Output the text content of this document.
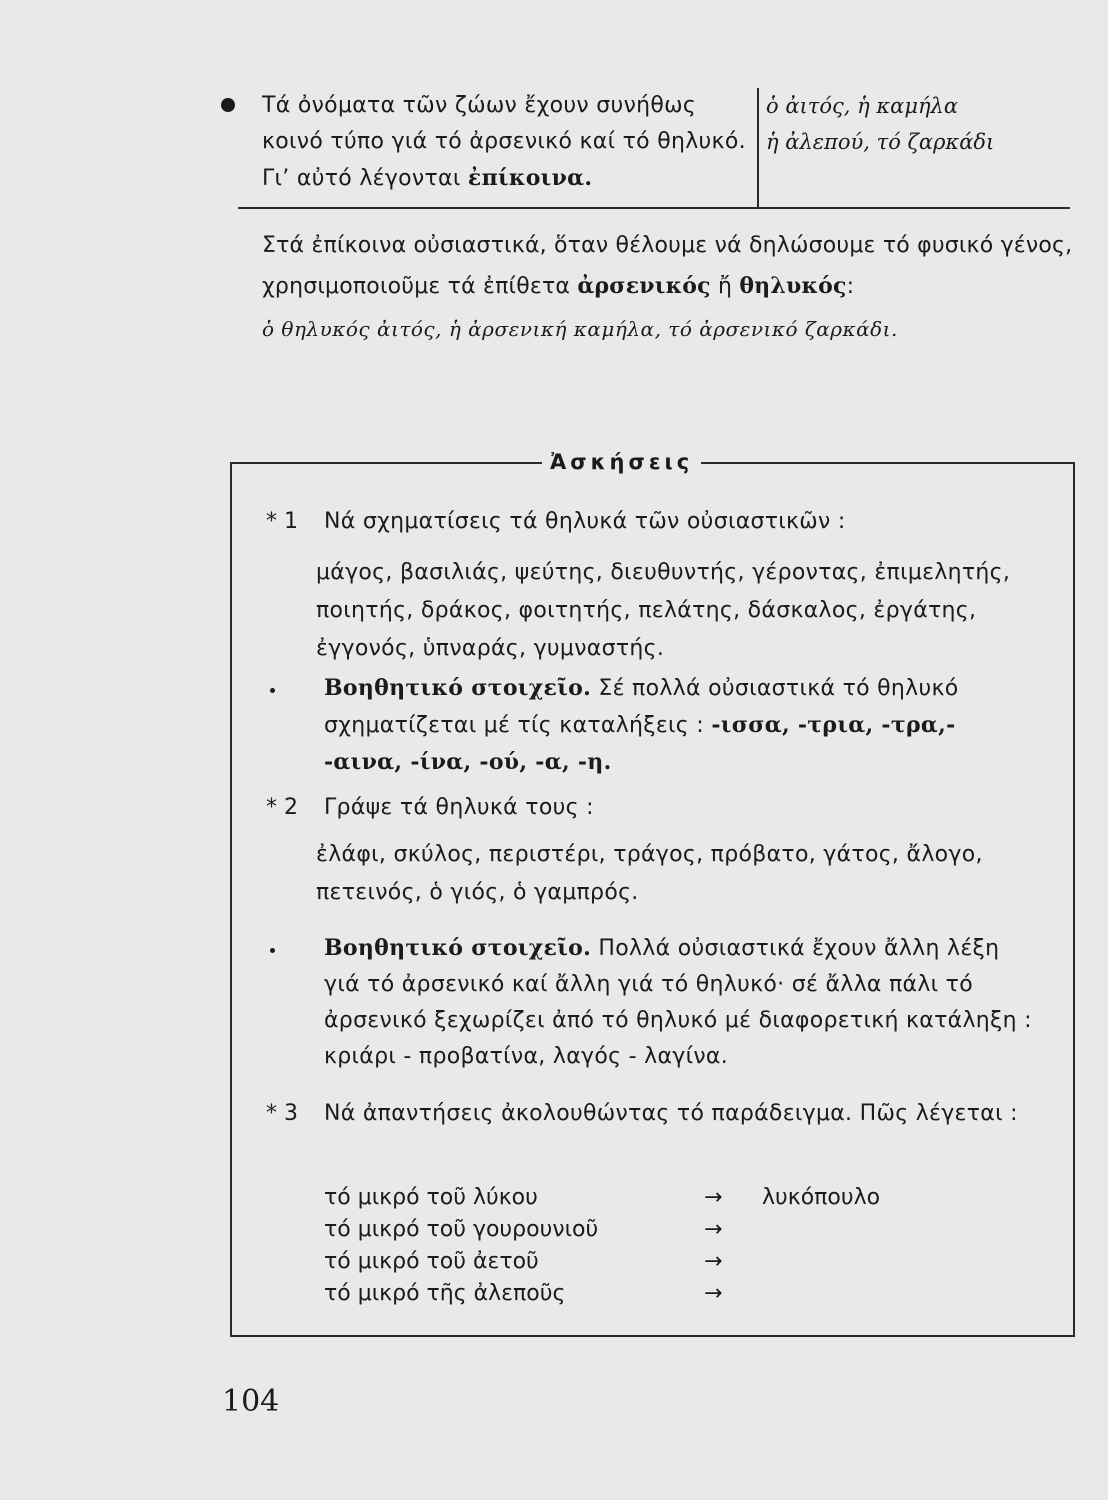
Τά ὀνόματα τῶν ζώων ἔχουν συνήθως κοινό τύπο γιά τό ἀρσενικό καί τό θηλυκό. Γι’ αὐτό λέγονται ἐπίκοινα.
ὁ ἀιτός, ἡ καμήλα
ἡ ἀλεπού, τό ζαρκάδι
Στά ἐπίκοινα οὐσιαστικά, ὅταν θέλουμε νά δηλώσουμε τό φυσικό γένος, χρησιμοποιοῦμε τά ἐπίθετα ἀρσενικός ἤ θηλυκός:
ὁ θηλυκός ἀιτός, ἡ ἀρσενική καμήλα, τό ἀρσενικό ζαρκάδι.
Ἀσκήσεις
* 1 Νά σχηματίσεις τά θηλυκά τῶν οὐσιαστικῶν :
μάγος, βασιλιάς, ψεύτης, διευθυντής, γέροντας, ἐπιμελητής, ποιητής, δράκος, φοιτητής, πελάτης, δάσκαλος, ἐργάτης, ἐγγονός, ὑπναράς, γυμναστής.
Βοηθητικό στοιχεῖο. Σέ πολλά οὐσιαστικά τό θηλυκό σχηματίζεται μέ τίς καταλήξεις : -ισσα, -τρια, -τρα,- -αινα, -ίνα, -ού, -α, -η.
* 2 Γράψε τά θηλυκά τους :
ἐλάφι, σκύλος, περιστέρι, τράγος, πρόβατο, γάτος, ἄλογο, πετεινός, ὁ γιός, ὁ γαμπρός.
Βοηθητικό στοιχεῖο. Πολλά οὐσιαστικά ἔχουν ἄλλη λέξη γιά τό ἀρσενικό καί ἄλλη γιά τό θηλυκό· σέ ἄλλα πάλι τό ἀρσενικό ξεχωρίζει ἀπό τό θηλυκό μέ διαφορετική κατάληξη : κριάρι - προβατίνα, λαγός - λαγίνα.
* 3 Νά ἀπαντήσεις ἀκολουθώντας τό παράδειγμα. Πῶς λέγεται :
τό μικρό τοῦ λύκου	→ λυκόπουλο
τό μικρό τοῦ γουρουνιοῦ	→
τό μικρό τοῦ ἀετοῦ	→
τό μικρό τῆς ἀλεποῦς	→
104
